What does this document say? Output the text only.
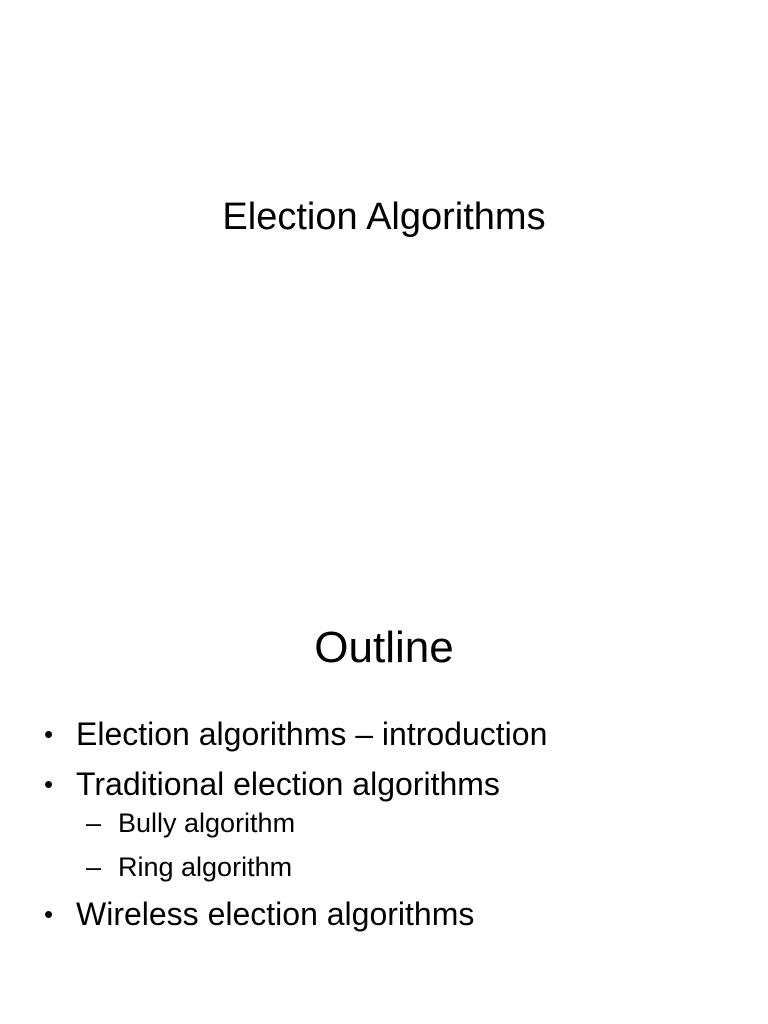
Election Algorithms
Outline
• Election algorithms – introduction
• Traditional election algorithms
– Bully algorithm
– Ring algorithm
• Wireless election algorithms
